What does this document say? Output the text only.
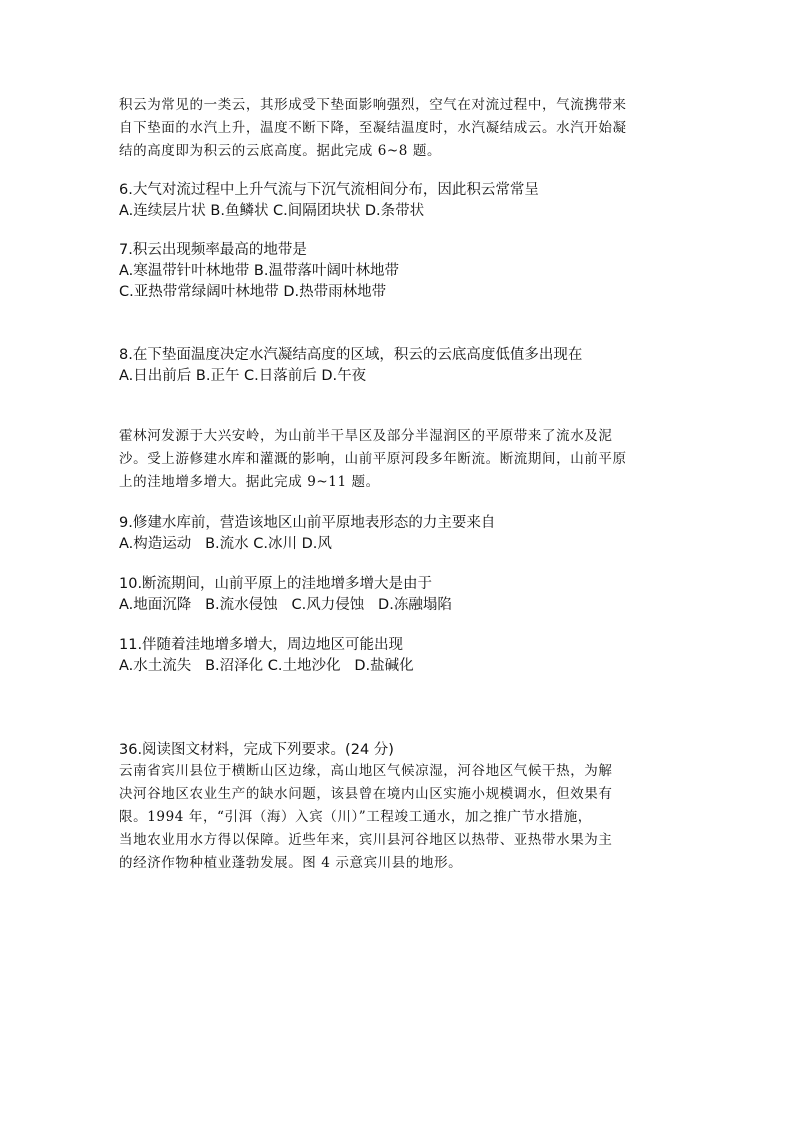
积云为常见的一类云，其形成受下垫面影响强烈，空气在对流过程中，气流携带来
自下垫面的水汽上升，温度不断下降，至凝结温度时，水汽凝结成云。水汽开始凝
结的高度即为积云的云底高度。据此完成 6~8 题。
6.大气对流过程中上升气流与下沉气流相间分布，因此积云常常呈
A.连续层片状 B.鱼鳞状 C.间隔团块状 D.条带状
7.积云出现频率最高的地带是
A.寒温带针叶林地带 B.温带落叶阔叶林地带
C.亚热带常绿阔叶林地带 D.热带雨林地带
8.在下垫面温度决定水汽凝结高度的区域，积云的云底高度低值多出现在
A.日出前后 B.正午 C.日落前后 D.午夜
霍林河发源于大兴安岭，为山前半干旱区及部分半湿润区的平原带来了流水及泥
沙。受上游修建水库和灌溉的影响，山前平原河段多年断流。断流期间，山前平原
上的洼地增多增大。据此完成 9~11 题。
9.修建水库前，营造该地区山前平原地表形态的力主要来自
A.构造运动   B.流水 C.冰川 D.风
10.断流期间，山前平原上的洼地增多增大是由于
A.地面沉降   B.流水侵蚀   C.风力侵蚀   D.冻融塌陷
11.伴随着洼地增多增大，周边地区可能出现
A.水土流失   B.沼泽化 C.土地沙化   D.盐碱化
36.阅读图文材料，完成下列要求。(24 分)
云南省宾川县位于横断山区边缘，高山地区气候凉湿，河谷地区气候干热，为解
决河谷地区农业生产的缺水问题，该县曾在境内山区实施小规模调水，但效果有
限。1994 年，“引洱（海）入宾（川）”工程竣工通水，加之推广节水措施，
当地农业用水方得以保障。近些年来，宾川县河谷地区以热带、亚热带水果为主
的经济作物种植业蓬勃发展。图 4 示意宾川县的地形。
